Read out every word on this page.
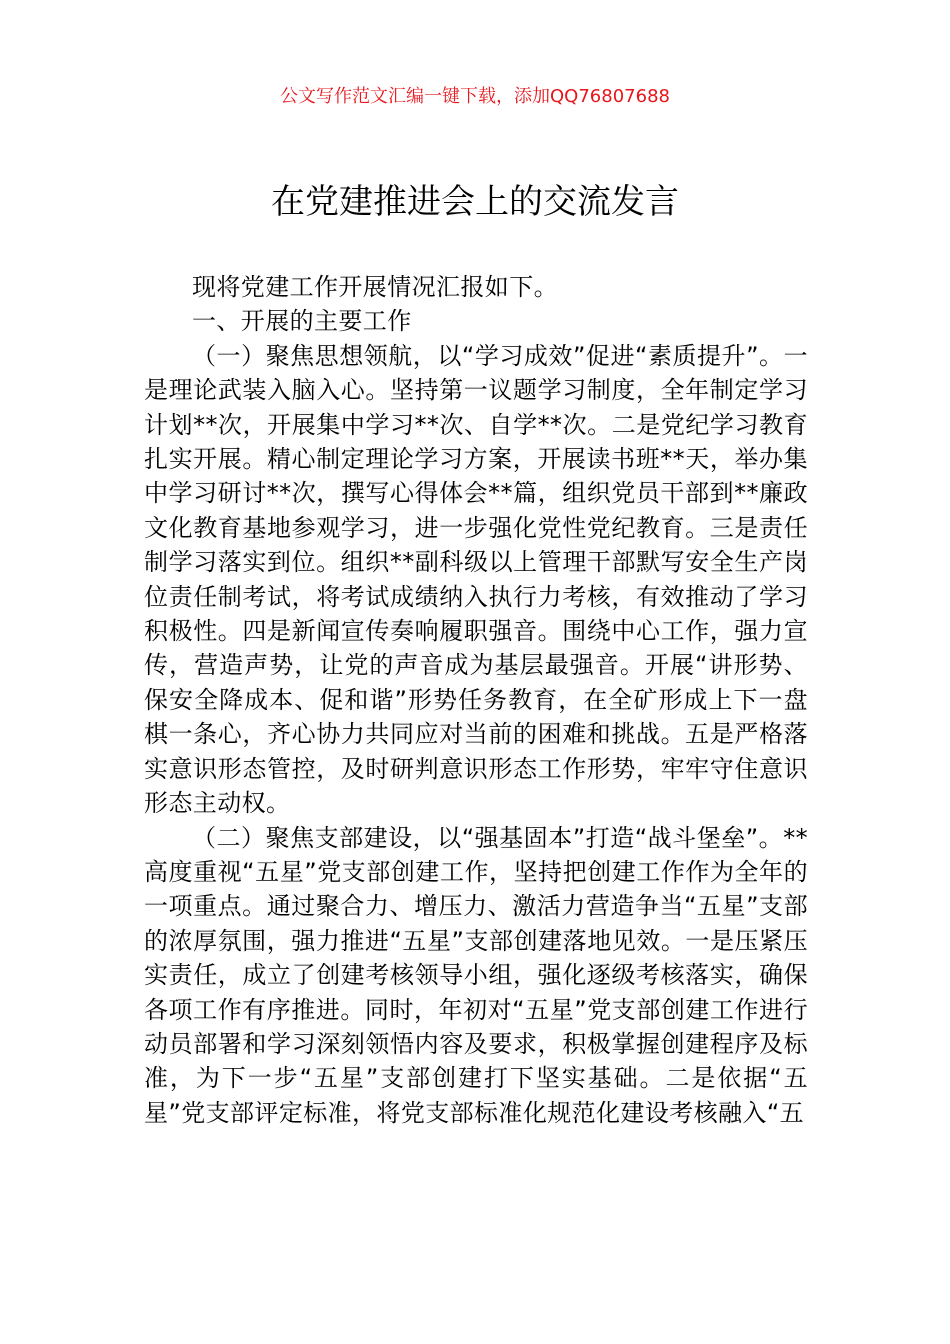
公文写作范文汇编一键下载，添加QQ76807688
在党建推进会上的交流发言

现将党建工作开展情况汇报如下。

一、开展的主要工作

（一）聚焦思想领航，以“学习成效”促进“素质提升”。一是理论武装入脑入心。坚持第一议题学习制度，全年制定学习计划**次，开展集中学习**次、自学**次。二是党纪学习教育扎实开展。精心制定理论学习方案，开展读书班**天，举办集中学习研讨**次，撰写心得体会**篇，组织党员干部到**廉政文化教育基地参观学习，进一步强化党性党纪教育。三是责任制学习落实到位。组织**副科级以上管理干部默写安全生产岗位责任制考试，将考试成绩纳入执行力考核，有效推动了学习积极性。四是新闻宣传奏响履职强音。围绕中心工作，强力宣传，营造声势，让党的声音成为基层最强音。开展“讲形势、保安全降成本、促和谐”形势任务教育，在全矿形成上下一盘棋一条心，齐心协力共同应对当前的困难和挑战。五是严格落实意识形态管控，及时研判意识形态工作形势，牢牢守住意识形态主动权。

（二）聚焦支部建设，以“强基固本”打造“战斗堡垒”。**高度重视“五星”党支部创建工作，坚持把创建工作作为全年的一项重点。通过聚合力、增压力、激活力营造争当“五星”支部的浓厚氛围，强力推进“五星”支部创建落地见效。一是压紧压实责任，成立了创建考核领导小组，强化逐级考核落实，确保各项工作有序推进。同时，年初对“五星”党支部创建工作进行动员部署和学习深刻领悟内容及要求，积极掌握创建程序及标准，为下一步“五星”支部创建打下坚实基础。二是依据“五星”党支部评定标准，将党支部标准化规范化建设考核融入“五
